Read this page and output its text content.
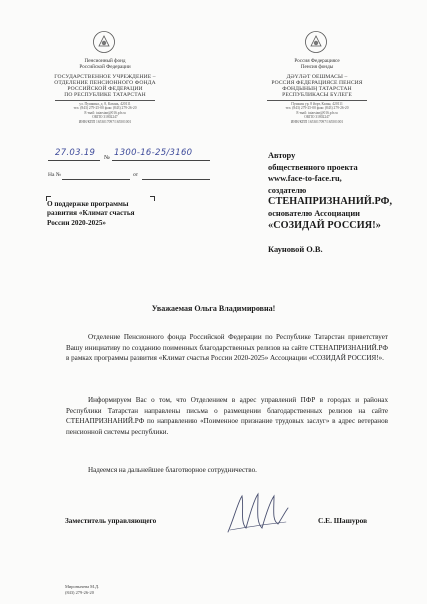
Пенсионный фонд
Российской Федерации
ГОСУДАРСТВЕННОЕ УЧРЕЖДЕНИЕ –
ОТДЕЛЕНИЕ ПЕНСИОННОГО ФОНДА
РОССИЙСКОЙ ФЕДЕРАЦИИ
ПО РЕСПУБЛИКЕ ТАТАРСТАН
ул. Пушкина, д. 8, Казань, 420111
тел. (843) 279-25-00 факс (843) 279-26-20
E-mail: tatarstan@016.pfr.ru
ОКПО 31802247
ИНН/КПП 1653017097/165501001
Россия Федерациясе
Пенсия фонды
ДӘҮЛӘТ ОЕШМАСЫ –
РОССИЯ ФЕДЕРАЦИЯСЕ ПЕНСИЯ
ФОНДЫНЫҢ ТАТАРСТАН
РЕСПУБЛИКАСЫ БҮЛЕГЕ
Пушкин ур. 8 йорт, Казан, 420111
тел. (843) 279-25-00 факс (843) 279-26-20
E-mail: tatarstan@016.pfr.ru
ОКПО 31802247
ИНН/КПП 1653017097/165501001
27.03.19 № 1300-16-25/3160
На №	от
Автору
общественного проекта
www.face-to-face.ru,
создателю
СТЕНАПРИЗНАНИЙ.РФ,
основателю Ассоциации
«СОЗИДАЙ РОССИЯ!»
Кауновой О.В.
О поддержке программы
развития «Климат счастья
России 2020-2025»
Уважаемая Ольга Владимировна!

Отделение Пенсионного фонда Российской Федерации по Республике Татарстан приветствует Вашу инициативу по созданию поименных благодарственных релизов на сайте СТЕНАПРИЗНАНИЙ.РФ в рамках программы развития «Климат счастья России 2020-2025» Ассоциации «СОЗИДАЙ РОССИЯ!».

Информируем Вас о том, что Отделением в адрес управлений ПФР в городах и районах Республики Татарстан направлены письма о размещении благодарственных релизов на сайте СТЕНАПРИЗНАНИЙ.РФ по направлению «Поименное признание трудовых заслуг» в адрес ветеранов пенсионной системы республики.

Надеемся на дальнейшее благотворное сотрудничество.

Заместитель управляющего	С.Е. Шашуров
Миронычева М.Д.
(843) 279-26-20
